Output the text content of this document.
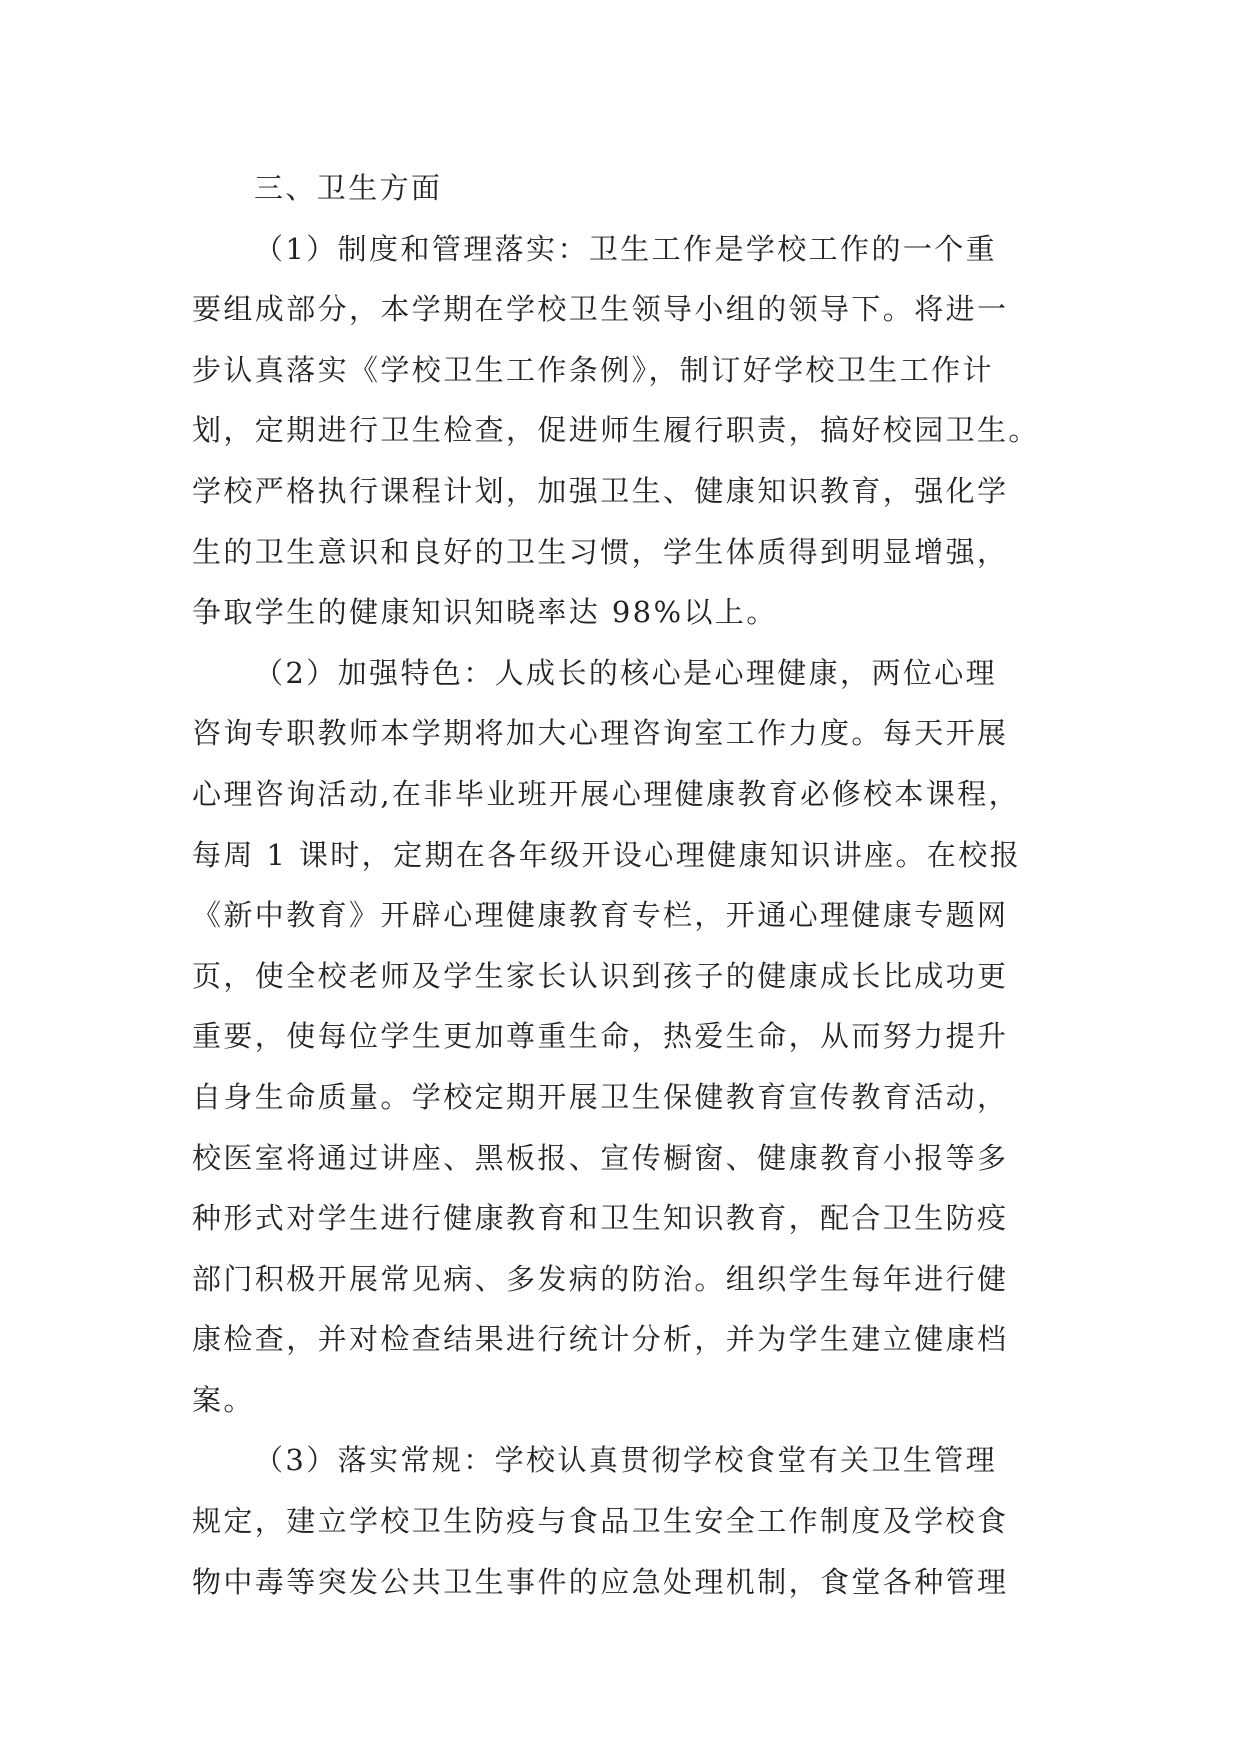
三、卫生方面
（1）制度和管理落实：卫生工作是学校工作的一个重
要组成部分，本学期在学校卫生领导小组的领导下。将进一
步认真落实《学校卫生工作条例》，制订好学校卫生工作计
划，定期进行卫生检查，促进师生履行职责，搞好校园卫生。
学校严格执行课程计划，加强卫生、健康知识教育，强化学
生的卫生意识和良好的卫生习惯，学生体质得到明显增强，
争取学生的健康知识知晓率达 98%以上。
（2）加强特色：人成长的核心是心理健康，两位心理
咨询专职教师本学期将加大心理咨询室工作力度。每天开展
心理咨询活动,在非毕业班开展心理健康教育必修校本课程，
每周 1 课时，定期在各年级开设心理健康知识讲座。在校报
《新中教育》开辟心理健康教育专栏，开通心理健康专题网
页，使全校老师及学生家长认识到孩子的健康成长比成功更
重要，使每位学生更加尊重生命，热爱生命，从而努力提升
自身生命质量。学校定期开展卫生保健教育宣传教育活动，
校医室将通过讲座、黑板报、宣传橱窗、健康教育小报等多
种形式对学生进行健康教育和卫生知识教育，配合卫生防疫
部门积极开展常见病、多发病的防治。组织学生每年进行健
康检查，并对检查结果进行统计分析，并为学生建立健康档
案。
（3）落实常规：学校认真贯彻学校食堂有关卫生管理
规定，建立学校卫生防疫与食品卫生安全工作制度及学校食
物中毒等突发公共卫生事件的应急处理机制，食堂各种管理
